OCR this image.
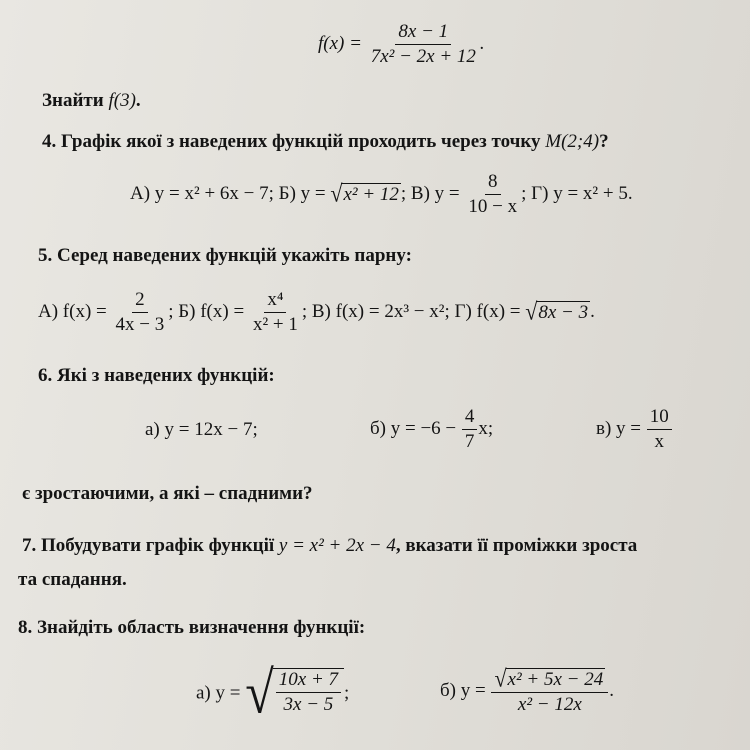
$f(x) = \frac{8x - 1}{\text{7x² − 2x + 12}}$ .
Знайти f(3).
4. Графік якої з наведених функцій проходить через точку M(2;4)?
А) y = x² + 6x − 7; Б) y = √ x² + 12 ; В) $y = \frac{8}{10 - x}$ ; Г) y = x² + 5.
5. Серед наведених функцій укажіть парну:
А) $f(x) = \frac{2}{4x - 3}$ ; Б) $f(x) = \frac{\text{x⁴}}{\text{x² + 1}}$ ; В) f(x) = 2x³ − x²; Г) f(x) = √ 8x − 3 .
6. Які з наведених функцій:
а) y = 12x − 7;	б) $y = -6 - \frac{4}{7} x$;	в) $y = \frac{10}{x}$
є зростаючими, а які – спадними?
7. Побудувати графік функції y = x² + 2x − 4, вказати її проміжки зроста
та спадання.
8. Знайдіть область визначення функції:
а) y = √ $\frac{10x + 7}{3x - 5}$ ;	б) $y = \frac{\text{√ x² + 5x − 24}}{\text{x² − 12x}}$ .
